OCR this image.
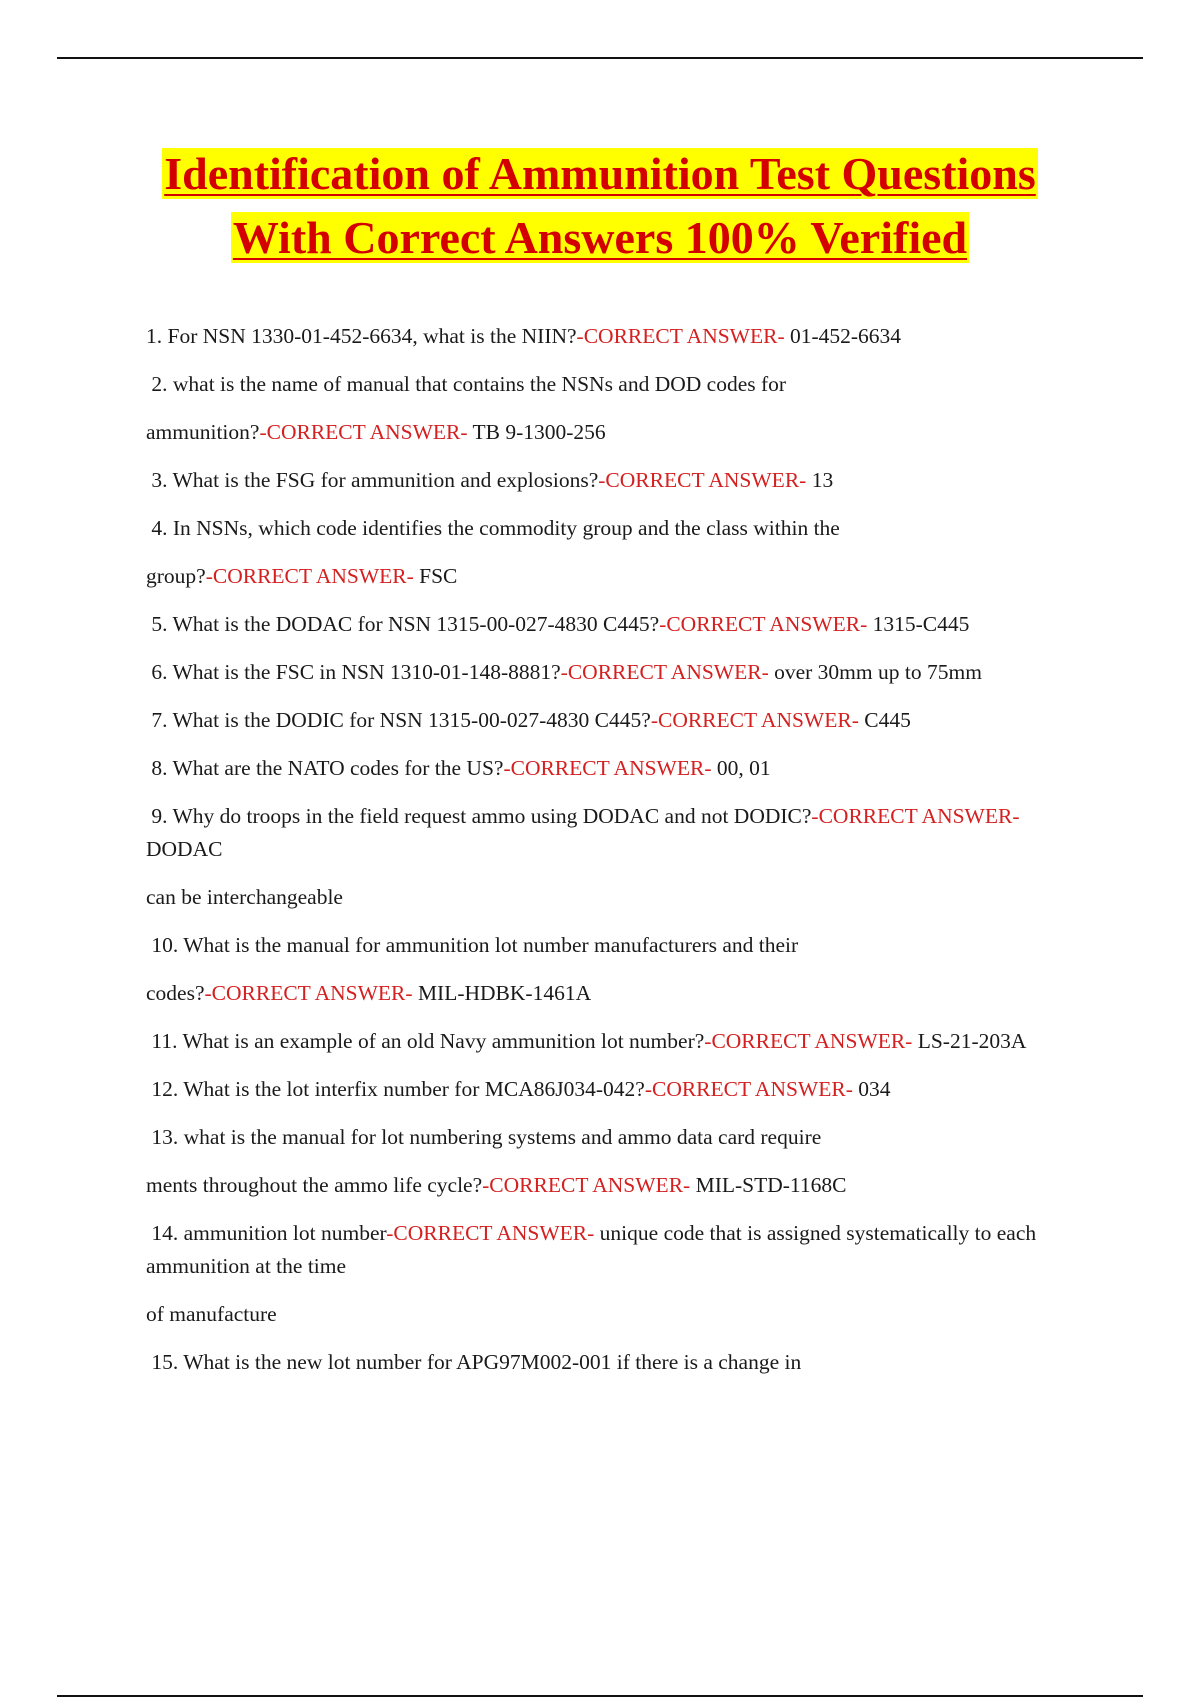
Identification of Ammunition Test Questions
With Correct Answers 100% Verified

1. For NSN 1330-01-452-6634, what is the NIIN?-CORRECT ANSWER- 01-452-6634

2. what is the name of manual that contains the NSNs and DOD codes for

ammunition?-CORRECT ANSWER- TB 9-1300-256

3. What is the FSG for ammunition and explosions?-CORRECT ANSWER- 13

4. In NSNs, which code identifies the commodity group and the class within the

group?-CORRECT ANSWER- FSC

5. What is the DODAC for NSN 1315-00-027-4830 C445?-CORRECT ANSWER- 1315-C445

6. What is the FSC in NSN 1310-01-148-8881?-CORRECT ANSWER- over 30mm up to 75mm

7. What is the DODIC for NSN 1315-00-027-4830 C445?-CORRECT ANSWER- C445

8. What are the NATO codes for the US?-CORRECT ANSWER- 00, 01

9. Why do troops in the field request ammo using DODAC and not DODIC?-CORRECT ANSWER- DODAC

can be interchangeable

10. What is the manual for ammunition lot number manufacturers and their

codes?-CORRECT ANSWER- MIL-HDBK-1461A

11. What is an example of an old Navy ammunition lot number?-CORRECT ANSWER- LS-21-203A

12. What is the lot interfix number for MCA86J034-042?-CORRECT ANSWER- 034

13. what is the manual for lot numbering systems and ammo data card require

ments throughout the ammo life cycle?-CORRECT ANSWER- MIL-STD-1168C

14. ammunition lot number-CORRECT ANSWER- unique code that is assigned systematically to each ammunition at the time

of manufacture

15. What is the new lot number for APG97M002-001 if there is a change in
